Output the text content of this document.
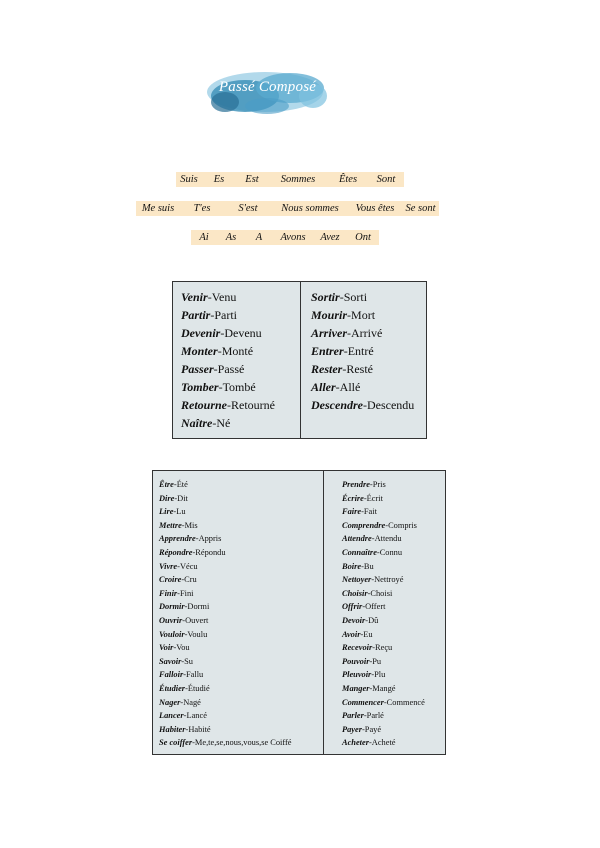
Passé Composé
Suis	Es	Est	Sommes	Êtes	Sont
Me suis	T'es	S'est	Nous sommes	Vous êtes	Se sont
Ai	As	A	Avons	Avez	Ont
Venir-Venu
Partir-Parti
Devenir-Devenu
Monter-Monté
Passer-Passé
Tomber-Tombé
Retourne-Retourné
Naître-Né
Sortir-Sorti
Mourir-Mort
Arriver-Arrivé
Entrer-Entré
Rester-Resté
Aller-Allé
Descendre-Descendu
Être-Été
Dire-Dit
Lire-Lu
Mettre-Mis
Apprendre-Appris
Répondre-Répondu
Vivre-Vécu
Croire-Cru
Finir-Fini
Dormir-Dormi
Ouvrir-Ouvert
Vouloir-Voulu
Voir-Vou
Savoir-Su
Falloir-Fallu
Étudier-Étudié
Nager-Nagé
Lancer-Lancé
Habiter-Habité
Se coiffer-Me,te,se,nous,vous,se Coiffé
Prendre-Pris
Écrire-Écrit
Faire-Fait
Comprendre-Compris
Attendre-Attendu
Connaître-Connu
Boire-Bu
Nettoyer-Nettroyé
Choisir-Choisi
Offrir-Offert
Devoir-Dû
Avoir-Eu
Recevoir-Reçu
Pouvoir-Pu
Pleuvoir-Plu
Manger-Mangé
Commencer-Commencé
Parler-Parlé
Payer-Payé
Acheter-Acheté
